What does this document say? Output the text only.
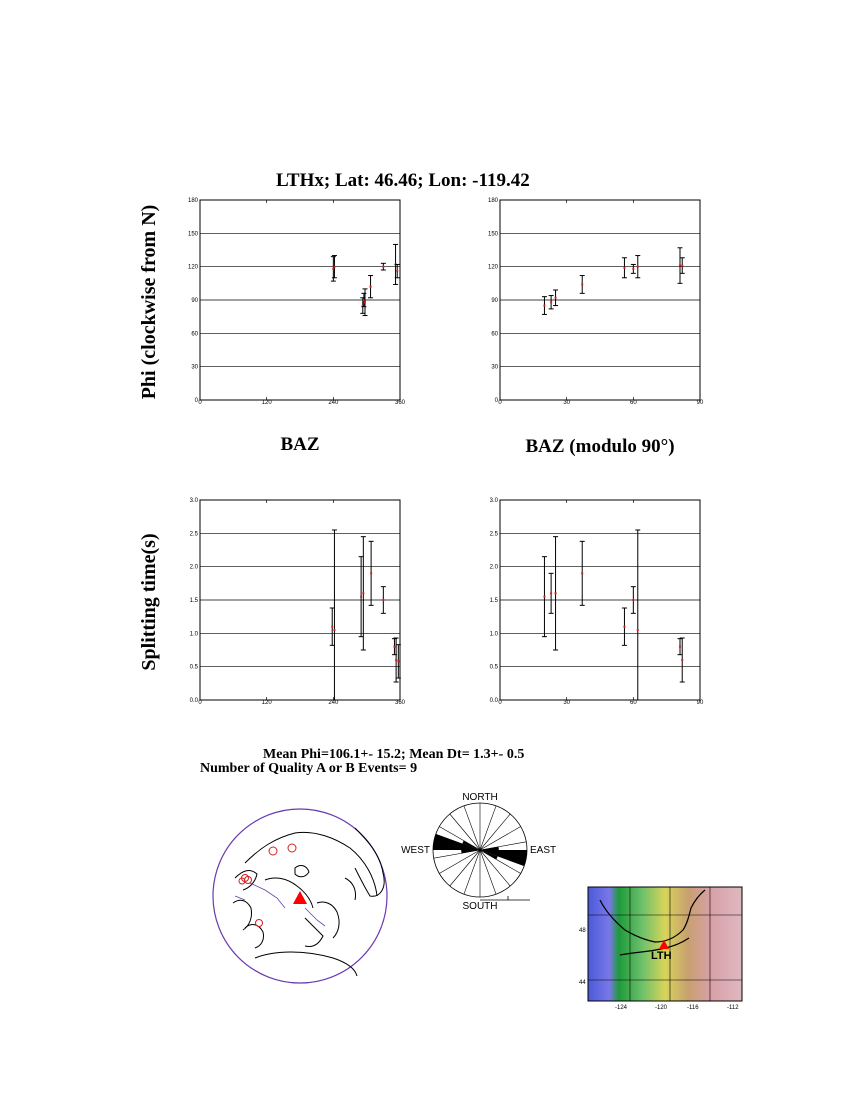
LTHx; Lat: 46.46; Lon: -119.42
Phi (clockwise from N)
Splitting time(s)
BAZ	BAZ (modulo 90°)
0
30
60
90
120
150
180
0	120	240	360	0
30
60
90
120
150
180
0	30	60	90
0.0
0.5
1.0
1.5
2.0
2.5
3.0
0	120	240	360	0.0
0.5
1.0
1.5
2.0
2.5
3.0
0	30	60	90
Mean Phi=106.1+- 15.2; Mean Dt= 1.3+- 0.5
Number of Quality A or B Events= 9
NORTH
SOUTH
EAST
WEST
LTH
48
44
-124	-120	-116	-112
